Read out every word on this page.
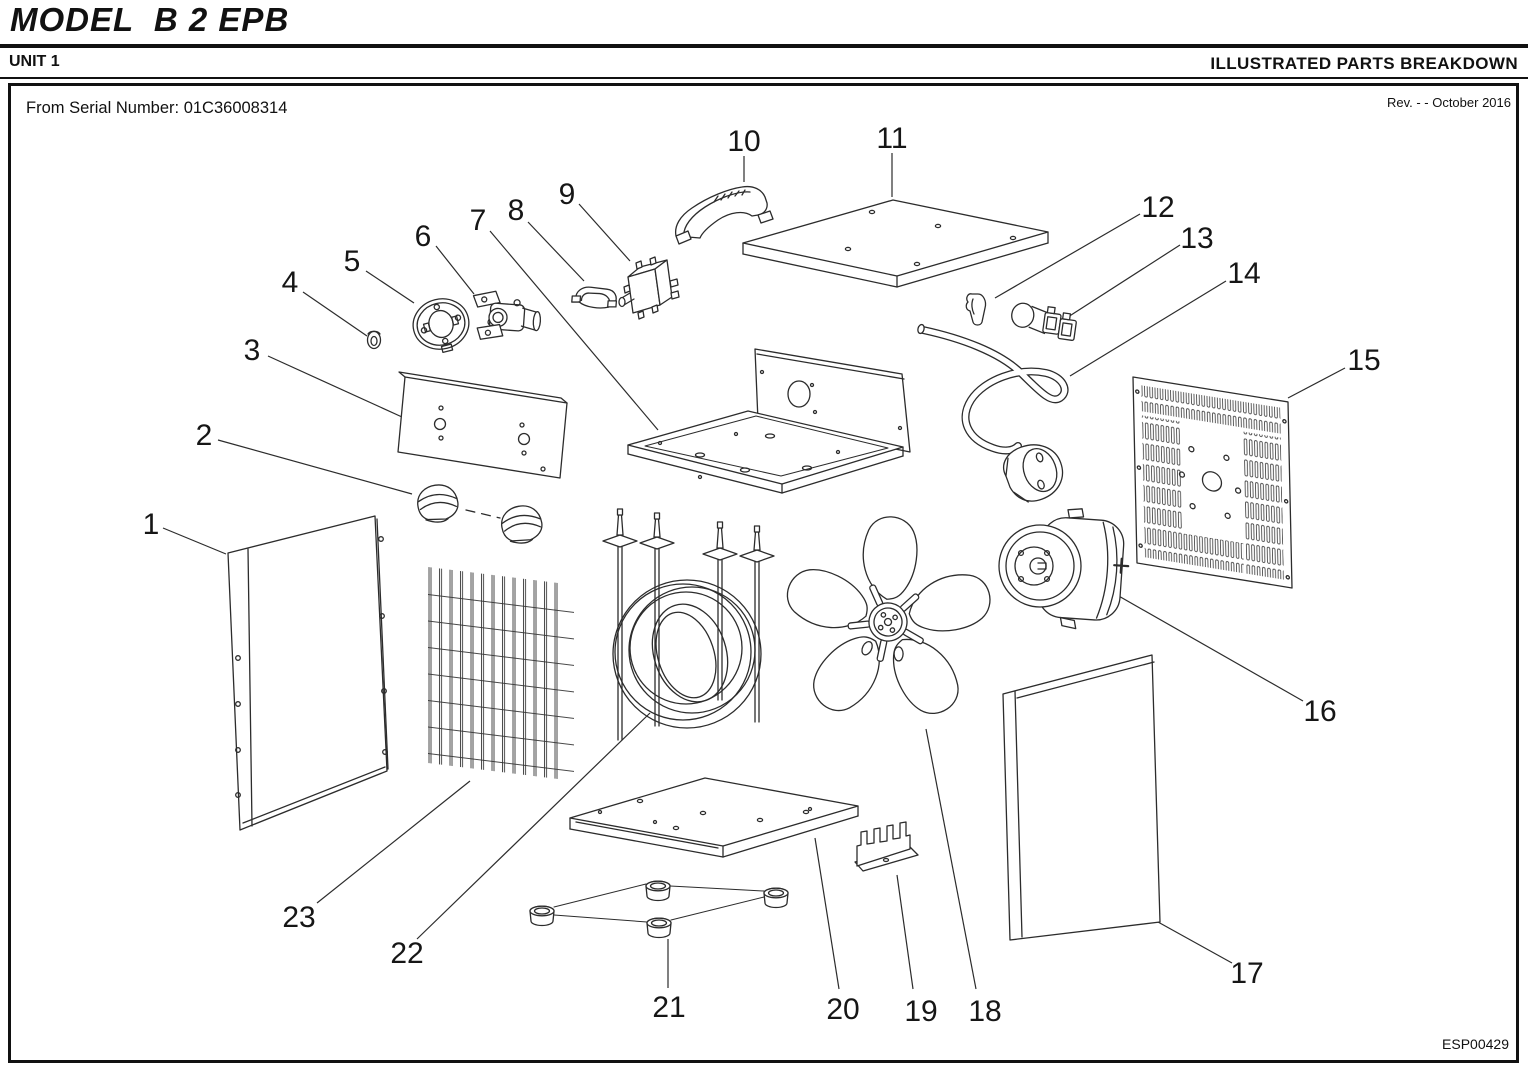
MODEL  B 2 EPB
UNIT 1	ILLUSTRATED PARTS BREAKDOWN
From Serial Number: 01C36008314	Rev. - - October 2016
ESP00429
1
2
3
4
5
6 7 8 9
10	11
12
13
14
15
16
17
18
19
20
21
22
23
